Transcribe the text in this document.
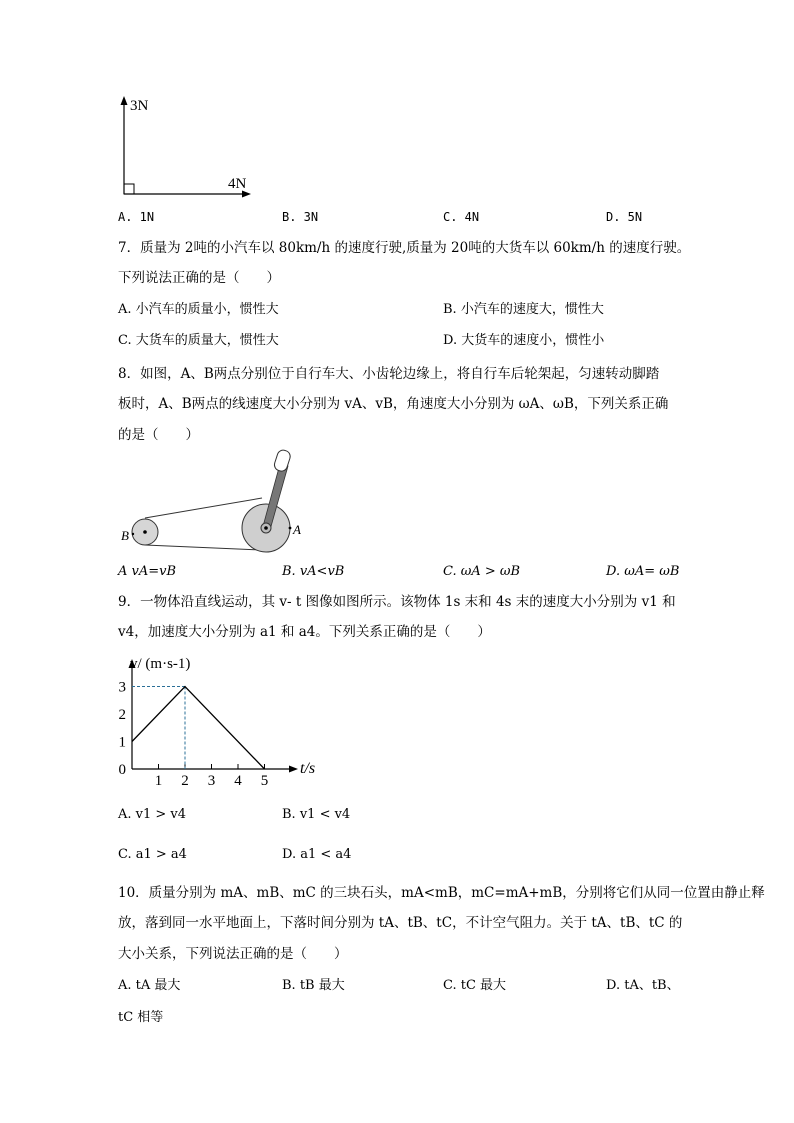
3N
4N
A. 1N	B. 3N	C. 4N	D. 5N
7．质量为 2吨的小汽车以 80km/h 的速度行驶,质量为 20吨的大货车以 60km/h 的速度行驶。
下列说法正确的是（　　）
A. 小汽车的质量小，惯性大	B. 小汽车的速度大，惯性大
C. 大货车的质量大，惯性大	D. 大货车的速度小，惯性小
8．如图，A、B两点分别位于自行车大、小齿轮边缘上，将自行车后轮架起，匀速转动脚踏
板时，A、B两点的线速度大小分别为 vA、vB，角速度大小分别为 ωA、ωB，下列关系正确
的是（　　）
A
B
A vA=vB	B. vA<vB	C. ωA > ωB	D. ωA= ωB
9．一物体沿直线运动，其 v- t 图像如图所示。该物体 1s 末和 4s 末的速度大小分别为 v1 和
v4，加速度大小分别为 a1 和 a4。下列关系正确的是（　　）
v/ (m·s-1)
t/s
1 2 3 4 5
0
1
2
3
A. v1 > v4	B. v1 < v4
C. a1 > a4	D. a1 < a4
10．质量分别为 mA、mB、mC 的三块石头，mA<mB，mC=mA+mB，分别将它们从同一位置由静止释
放，落到同一水平地面上，下落时间分别为 tA、tB、tC，不计空气阻力。关于 tA、tB、tC 的
大小关系，下列说法正确的是（　　）
A. tA 最大	B. tB 最大	C. tC 最大	D. tA、tB、
tC 相等
